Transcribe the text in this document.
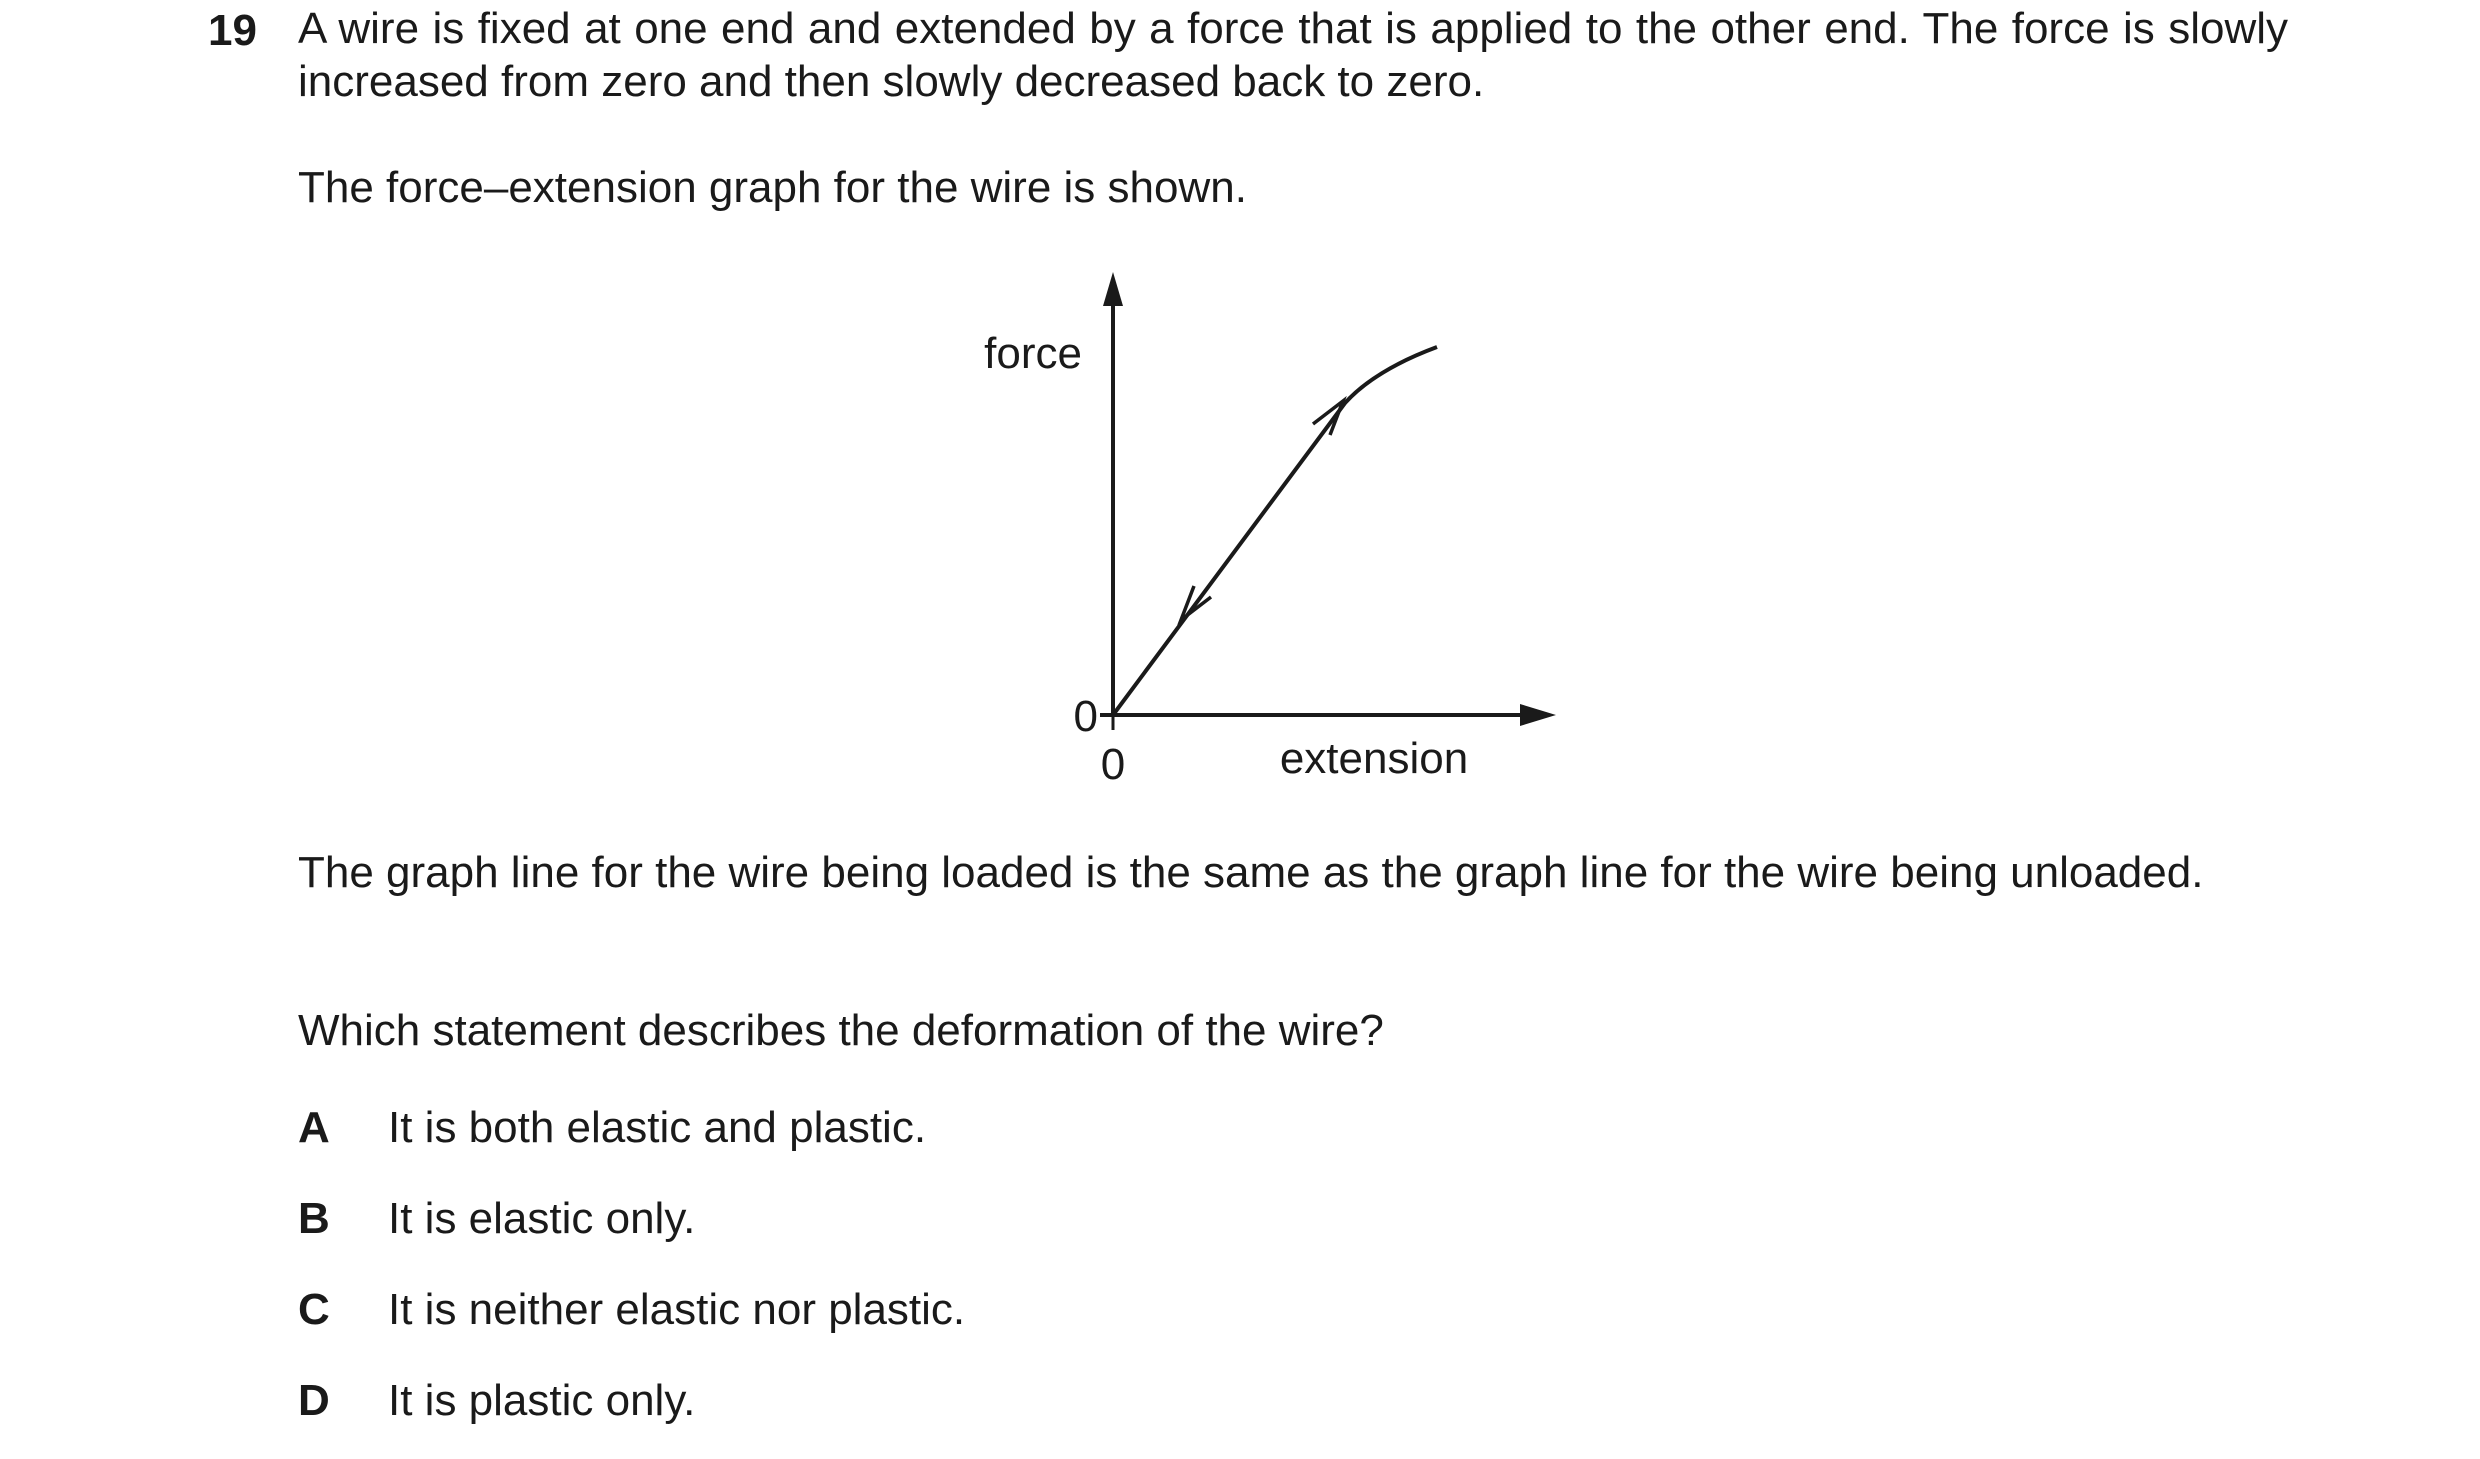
19 A wire is fixed at one end and extended by a force that is applied to the other end. The force is slowly increased from zero and then slowly decreased back to zero.

The force–extension graph for the wire is shown.

force
extension
0
0

The graph line for the wire being loaded is the same as the graph line for the wire being unloaded.

Which statement describes the deformation of the wire?

A	It is both elastic and plastic.
B	It is elastic only.
C	It is neither elastic nor plastic.
D	It is plastic only.
